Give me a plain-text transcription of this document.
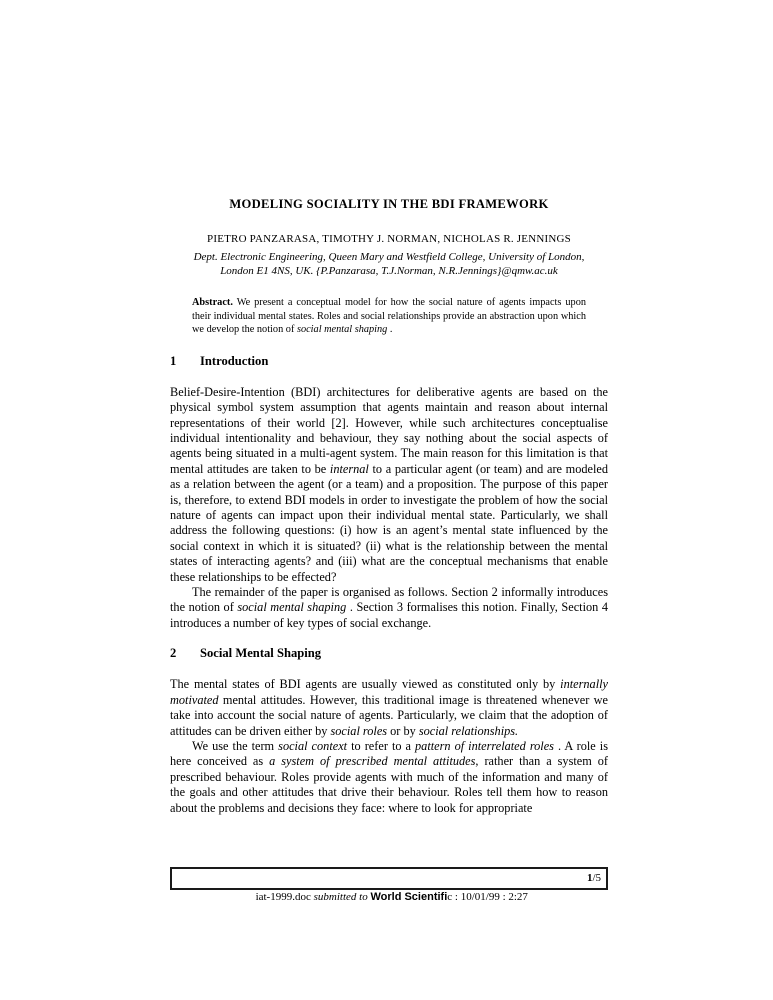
MODELING SOCIALITY IN THE BDI FRAMEWORK
PIETRO PANZARASA, TIMOTHY J. NORMAN, NICHOLAS R. JENNINGS
Dept. Electronic Engineering, Queen Mary and Westfield College, University of London,
London E1 4NS, UK. {P.Panzarasa, T.J.Norman, N.R.Jennings}@qmw.ac.uk

Abstract. We present a conceptual model for how the social nature of agents impacts upon their individual mental states. Roles and social relationships provide an abstraction upon which we develop the notion of social mental shaping .

1 Introduction

Belief-Desire-Intention (BDI) architectures for deliberative agents are based on the physical symbol system assumption that agents maintain and reason about internal representations of their world [2]. However, while such architectures conceptualise individual intentionality and behaviour, they say nothing about the social aspects of agents being situated in a multi-agent system. The main reason for this limitation is that mental attitudes are taken to be internal to a particular agent (or team) and are modeled as a relation between the agent (or a team) and a proposition. The purpose of this paper is, therefore, to extend BDI models in order to investigate the problem of how the social nature of agents can impact upon their individual mental state. Particularly, we shall address the following questions: (i) how is an agent’s mental state influenced by the social context in which it is situated? (ii) what is the relationship between the mental states of interacting agents? and (iii) what are the conceptual mechanisms that enable these relationships to be effected?

The remainder of the paper is organised as follows. Section 2 informally introduces the notion of social mental shaping . Section 3 formalises this notion. Finally, Section 4 introduces a number of key types of social exchange.

2 Social Mental Shaping

The mental states of BDI agents are usually viewed as constituted only by internally motivated mental attitudes. However, this traditional image is threatened whenever we take into account the social nature of agents. Particularly, we claim that the adoption of attitudes can be driven either by social roles or by social relationships.

We use the term social context to refer to a pattern of interrelated roles . A role is here conceived as a system of prescribed mental attitudes, rather than a system of prescribed behaviour. Roles provide agents with much of the information and many of the goals and other attitudes that drive their behaviour. Roles tell them how to reason about the problems and decisions they face: where to look for appropriate

iat-1999.doc submitted to World Scientific : 10/01/99 : 2:27

1/5
